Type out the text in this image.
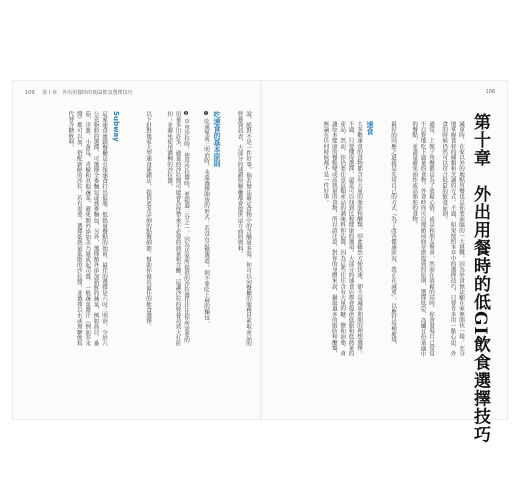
109 第十章　外出用餐時的低GI飲食選擇技巧
說，絕對不是一件好事，倘若無法確定食物中的含醣量多寡，你可以向餐廳的服務員索取產品的營養資訊表，大部分的連鎖快餐廳都會提供這方面的資料。
吃速食的基本原則
❶ 吃漢堡或三明治時，永遠選擇開放的形式：若沒有這類選項，則不要吃上層的麵包。
❷ 享用沙拉時，使用沙拉醬時，要超過三分之一，因為店家所提供的沙拉醬往往比你所需要的用量多出許多，過量的沙拉醬可能會為你帶來不必要的熱量和含醣，這讓沙拉的營養功效大打折扣；並避免使用濃稠的沙拉醬。
以下針對幾家大型速食連鎖店，提供更多詳細的點餐細節，幫助你做出最佳的飲食選擇。
Subway
這家速食連鎖餐廳是引領速食打出低脂、低熱量餐點的始祖，最佳的選擇是六吋三明治，少於六公克脂肪的選擇，可選擇全麥麵包或燕麥麵包，另外，選擇額外添加新鮮的蔬菜，例如萵苣、番茄、洋蔥、小黃瓜、青椒和其他蔬菜，避免額外添加美乃滋或起司醬，一般蔬菜醬汁（例如芥末醬）都可以加，搭配新鮮的沙拉，若有需要，選擇低熱量低脂的沙拉醬，並選擇以水或無糖飲料代替含糖飲料。
108
第十章　外出用餐時的低GI飲食選擇技巧
減重時，在家以外的地點用餐也是你要面臨的一大挑戰，因為外食無法顧在家裡開伙一樣，充分地掌握食材的種類和烹調的方式。不過，如果按照本章中的選擇技巧，只要肯多用一點心思，外食的時候仍然可以符合低GI的飲食原則。
通常，上館子用餐都是為了放鬆心情，或是和朋友聚會，然而在放鬆的同時，你會發現自己常常不自覺地吃下過量的食物。外食時你可以遵循前面章節提到的原則，選擇低GI、高纖且份量適中的餐點，並盡量避免油炸或高脂肪的食物。
最好的因應之道就是先用自己的方式『為了改善健康狀況、我正在減重』，以應付這種處境。
速食
大多數速食的食物都含有大量的脂肪和醣類，因此雖然方便快速，卻不是減重期間的理想選擇。不過，只要懂得選擇，還是可以找到比較健康的選項。大部分的速食店都會提供低脂和低熱量的產品，然而，你仍要注意這類產品的調味料和沾醬，因為這些往往含有大量的糖、鹽和油脂，會讓原本健康的餐點變成高熱量的食物，所以請注意，對你的身體來說，攝取過多的脂肪和醣類，無論在任何時候都不是一件好事。
